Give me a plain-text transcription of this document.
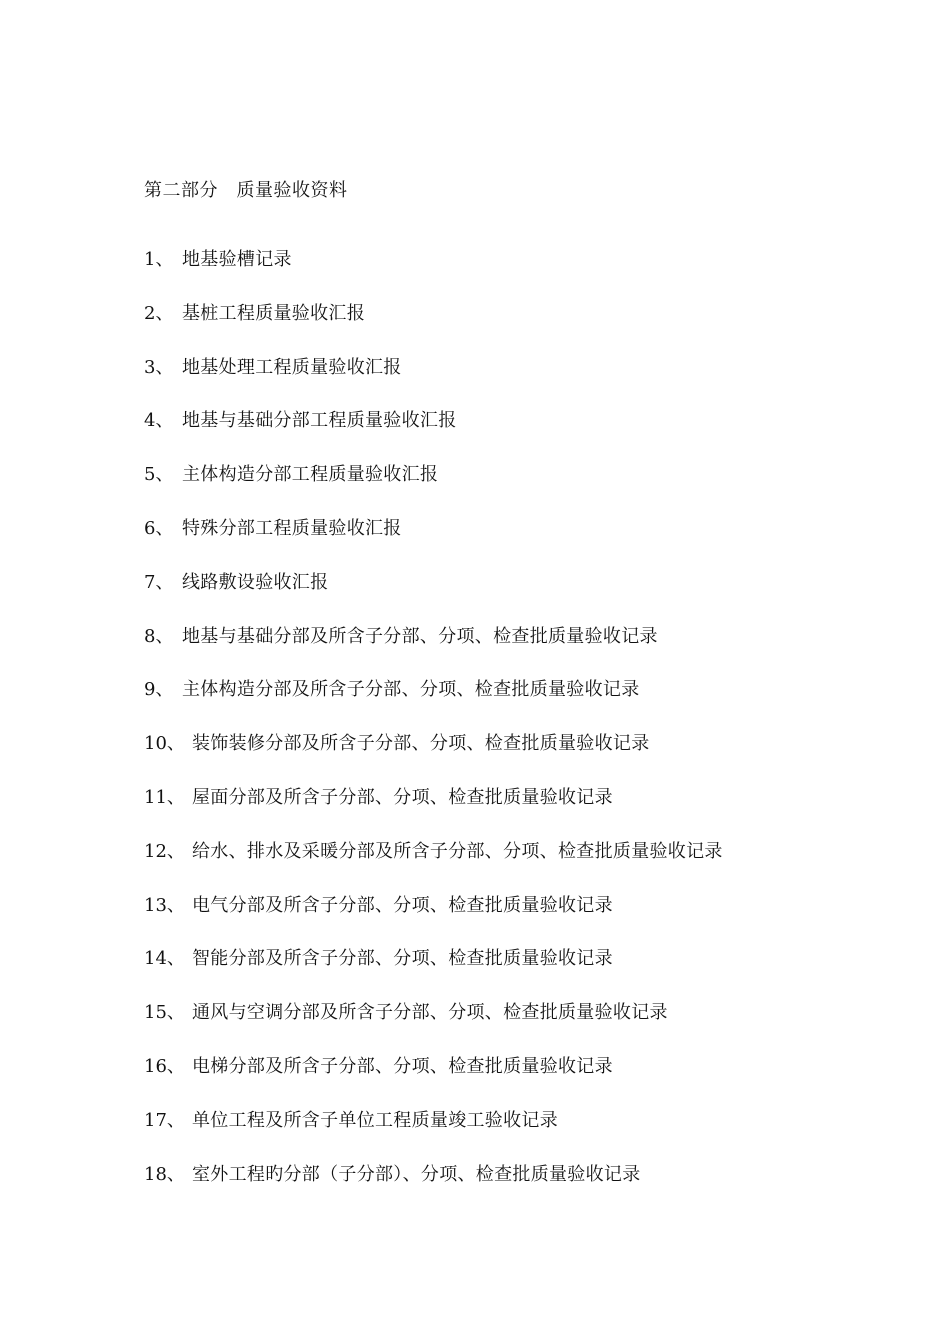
第二部分　质量验收资料
1、 地基验槽记录
2、 基桩工程质量验收汇报
3、 地基处理工程质量验收汇报
4、 地基与基础分部工程质量验收汇报
5、 主体构造分部工程质量验收汇报
6、 特殊分部工程质量验收汇报
7、 线路敷设验收汇报
8、 地基与基础分部及所含子分部、分项、检查批质量验收记录
9、 主体构造分部及所含子分部、分项、检查批质量验收记录
10、 装饰装修分部及所含子分部、分项、检查批质量验收记录
11、 屋面分部及所含子分部、分项、检查批质量验收记录
12、 给水、排水及采暖分部及所含子分部、分项、检查批质量验收记录
13、 电气分部及所含子分部、分项、检查批质量验收记录
14、 智能分部及所含子分部、分项、检查批质量验收记录
15、 通风与空调分部及所含子分部、分项、检查批质量验收记录
16、 电梯分部及所含子分部、分项、检查批质量验收记录
17、 单位工程及所含子单位工程质量竣工验收记录
18、 室外工程旳分部（子分部）、分项、检查批质量验收记录
